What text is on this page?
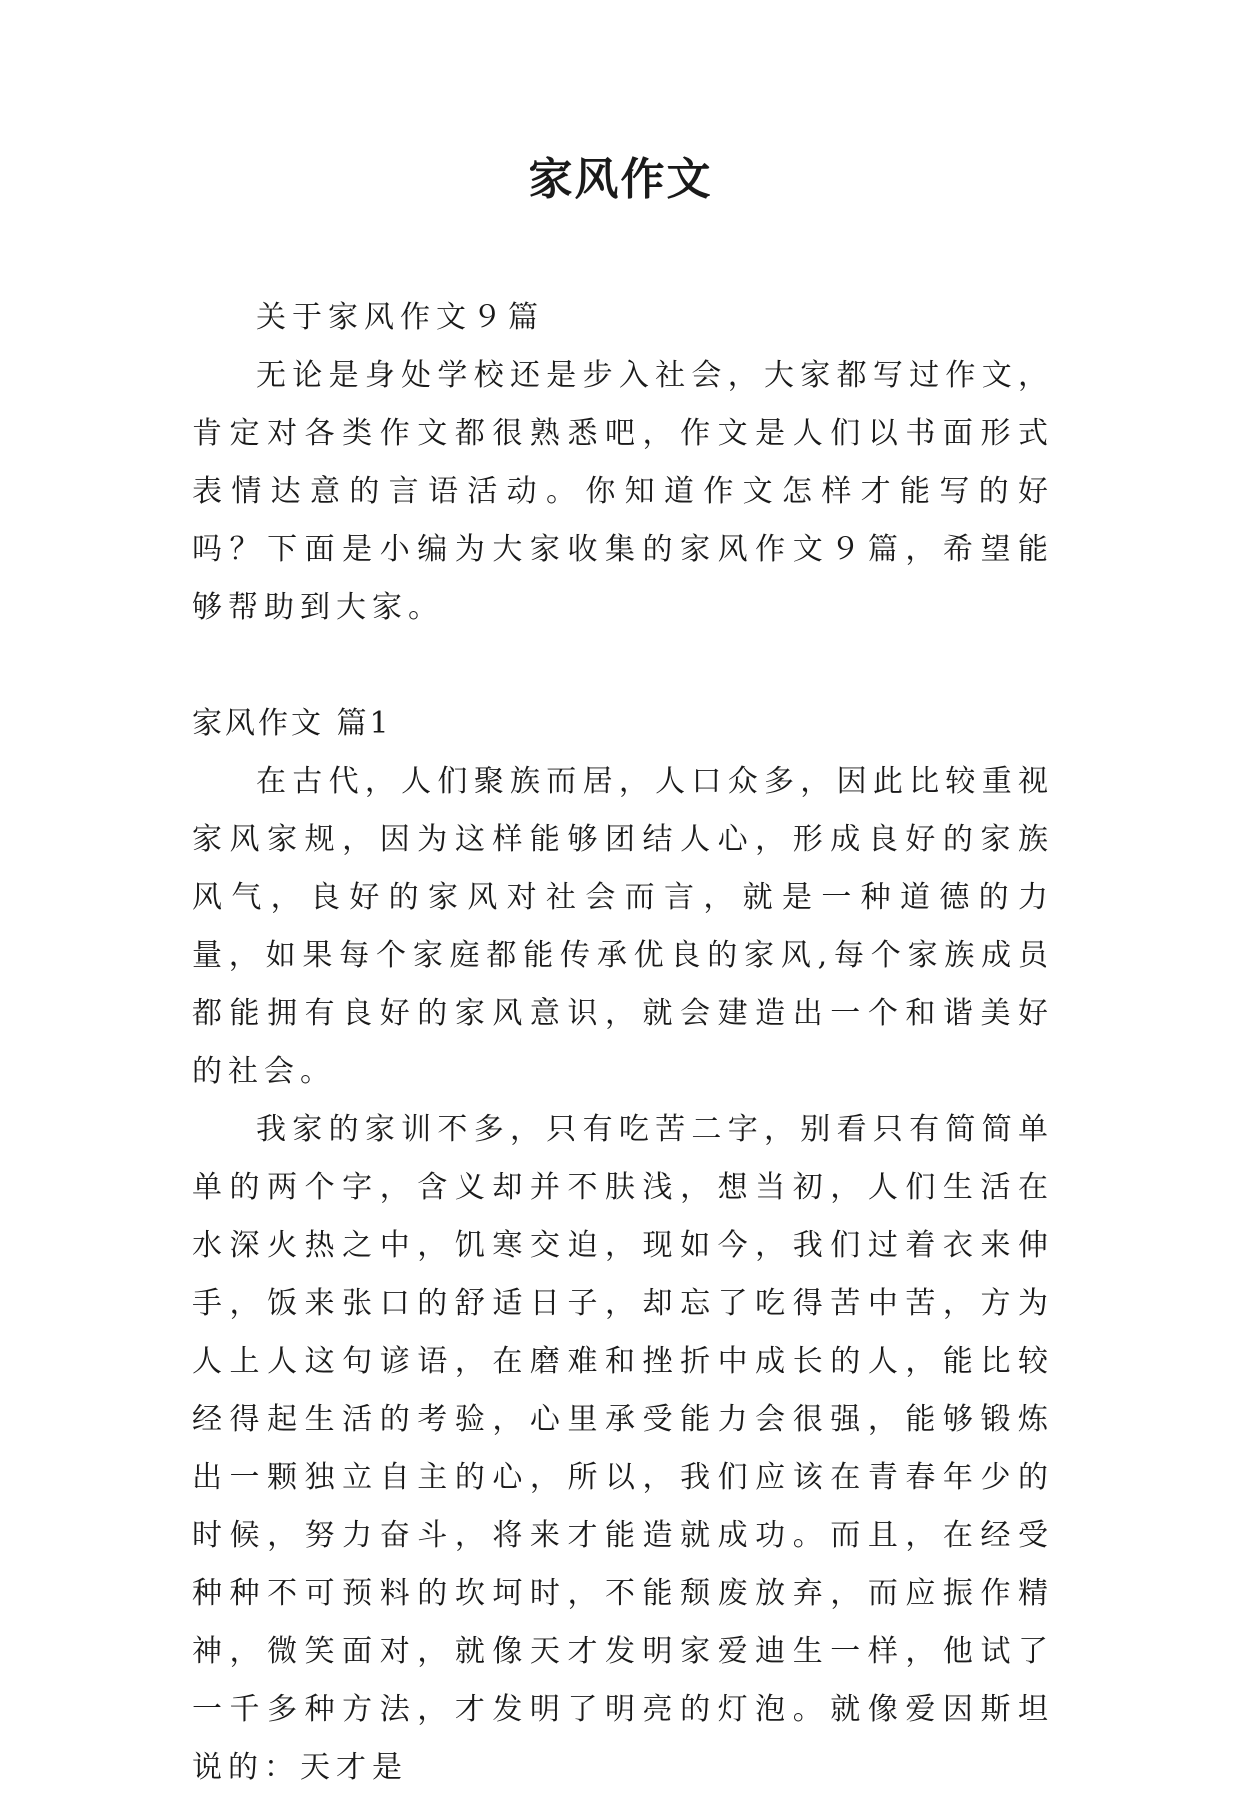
家风作文

关于家风作文９篇

无论是身处学校还是步入社会，大家都写过作文，肯定对各类作文都很熟悉吧，作文是人们以书面形式表情达意的言语活动。你知道作文怎样才能写的好吗？下面是小编为大家收集的家风作文９篇，希望能够帮助到大家。

家风作文 篇1

在古代，人们聚族而居，人口众多，因此比较重视家风家规，因为这样能够团结人心，形成良好的家族风气，良好的家风对社会而言，就是一种道德的力量，如果每个家庭都能传承优良的家风,每个家族成员都能拥有良好的家风意识，就会建造出一个和谐美好的社会。

我家的家训不多，只有吃苦二字，别看只有简简单单的两个字，含义却并不肤浅，想当初，人们生活在水深火热之中，饥寒交迫，现如今，我们过着衣来伸手，饭来张口的舒适日子，却忘了吃得苦中苦，方为人上人这句谚语，在磨难和挫折中成长的人，能比较经得起生活的考验，心里承受能力会很强，能够锻炼出一颗独立自主的心，所以，我们应该在青春年少的时候，努力奋斗，将来才能造就成功。而且，在经受种种不可预料的坎坷时，不能颓废放弃，而应振作精神，微笑面对，就像天才发明家爱迪生一样，他试了一千多种方法，才发明了明亮的灯泡。就像爱因斯坦说的：天才是
